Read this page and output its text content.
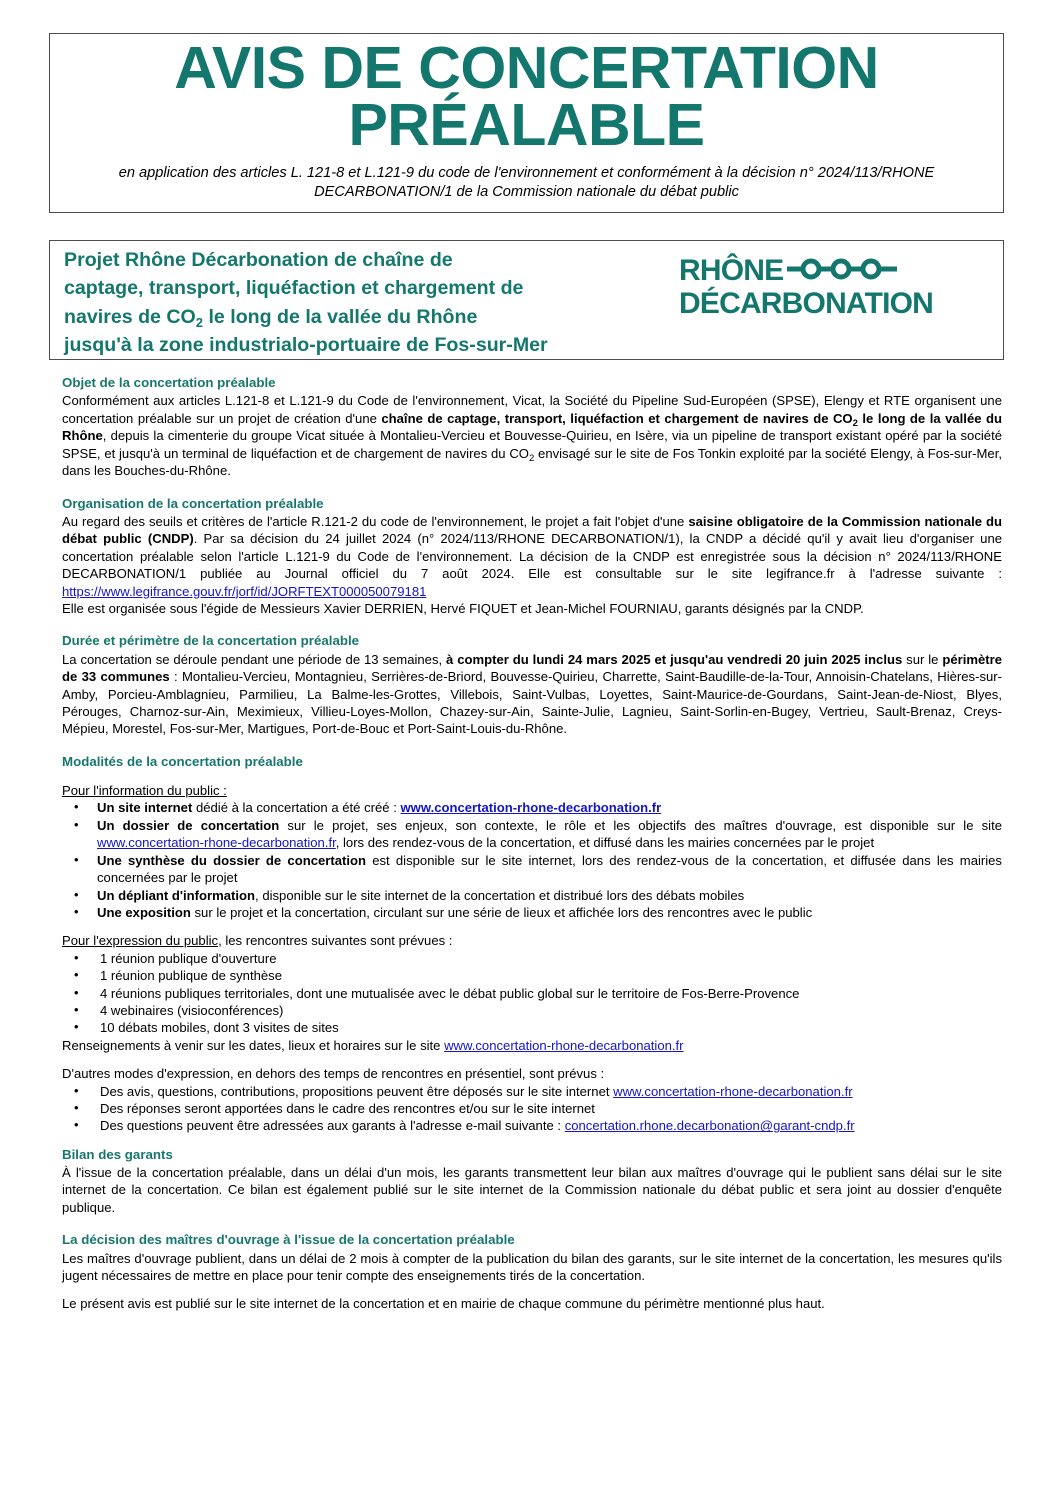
AVIS DE CONCERTATION PRÉALABLE
en application des articles L. 121-8 et L.121-9 du code de l'environnement et conformément à la décision n° 2024/113/RHONE DECARBONATION/1 de la Commission nationale du débat public
Projet Rhône Décarbonation de chaîne de
captage, transport, liquéfaction et chargement de
navires de $CO_2$ le long de la vallée du Rhône
jusqu'à la zone industrialo-portuaire de Fos-sur-Mer
RHÔNE
DÉCARBONATION
Objet de la concertation préalable

Conformément aux articles L.121-8 et L.121-9 du Code de l'environnement, Vicat, la Société du Pipeline Sud-Européen (SPSE), Elengy et RTE organisent une concertation préalable sur un projet de création d'une chaîne de captage, transport, liquéfaction et chargement de navires de $CO_2$ le long de la vallée du Rhône, depuis la cimenterie du groupe Vicat située à Montalieu-Vercieu et Bouvesse-Quirieu, en Isère, via un pipeline de transport existant opéré par la société SPSE, et jusqu'à un terminal de liquéfaction et de chargement de navires du $CO_2$ envisagé sur le site de Fos Tonkin exploité par la société Elengy, à Fos-sur-Mer, dans les Bouches-du-Rhône.

Organisation de la concertation préalable

Au regard des seuils et critères de l'article R.121-2 du code de l'environnement, le projet a fait l'objet d'une saisine obligatoire de la Commission nationale du débat public (CNDP). Par sa décision du 24 juillet 2024 (n° 2024/113/RHONE DECARBONATION/1), la CNDP a décidé qu'il y avait lieu d'organiser une concertation préalable selon l'article L.121-9 du Code de l'environnement. La décision de la CNDP est enregistrée sous la décision n° 2024/113/RHONE DECARBONATION/1 publiée au Journal officiel du 7 août 2024. Elle est consultable sur le site legifrance.fr à l'adresse suivante : https://www.legifrance.gouv.fr/jorf/id/JORFTEXT000050079181

Elle est organisée sous l'égide de Messieurs Xavier DERRIEN, Hervé FIQUET et Jean-Michel FOURNIAU, garants désignés par la CNDP.

Durée et périmètre de la concertation préalable

La concertation se déroule pendant une période de 13 semaines, à compter du lundi 24 mars 2025 et jusqu'au vendredi 20 juin 2025 inclus sur le périmètre de 33 communes : Montalieu-Vercieu, Montagnieu, Serrières-de-Briord, Bouvesse-Quirieu, Charrette, Saint-Baudille-de-la-Tour, Annoisin-Chatelans, Hières-sur-Amby, Porcieu-Amblagnieu, Parmilieu, La Balme-les-Grottes, Villebois, Saint-Vulbas, Loyettes, Saint-Maurice-de-Gourdans, Saint-Jean-de-Niost, Blyes, Pérouges, Charnoz-sur-Ain, Meximieux, Villieu-Loyes-Mollon, Chazey-sur-Ain, Sainte-Julie, Lagnieu, Saint-Sorlin-en-Bugey, Vertrieu, Sault-Brenaz, Creys-Mépieu, Morestel, Fos-sur-Mer, Martigues, Port-de-Bouc et Port-Saint-Louis-du-Rhône.

Modalités de la concertation préalable

Pour l'information du public :

• Un site internet dédié à la concertation a été créé : www.concertation-rhone-decarbonation.fr
• Un dossier de concertation sur le projet, ses enjeux, son contexte, le rôle et les objectifs des maîtres d'ouvrage, est disponible sur le site www.concertation-rhone-decarbonation.fr, lors des rendez-vous de la concertation, et diffusé dans les mairies concernées par le projet
• Une synthèse du dossier de concertation est disponible sur le site internet, lors des rendez-vous de la concertation, et diffusée dans les mairies concernées par le projet
• Un dépliant d'information, disponible sur le site internet de la concertation et distribué lors des débats mobiles
• Une exposition sur le projet et la concertation, circulant sur une série de lieux et affichée lors des rencontres avec le public

Pour l'expression du public, les rencontres suivantes sont prévues :

• 1 réunion publique d'ouverture
• 1 réunion publique de synthèse
• 4 réunions publiques territoriales, dont une mutualisée avec le débat public global sur le territoire de Fos-Berre-Provence
• 4 webinaires (visioconférences)
• 10 débats mobiles, dont 3 visites de sites

Renseignements à venir sur les dates, lieux et horaires sur le site www.concertation-rhone-decarbonation.fr

D'autres modes d'expression, en dehors des temps de rencontres en présentiel, sont prévus :

• Des avis, questions, contributions, propositions peuvent être déposés sur le site internet www.concertation-rhone-decarbonation.fr
• Des réponses seront apportées dans le cadre des rencontres et/ou sur le site internet
• Des questions peuvent être adressées aux garants à l'adresse e-mail suivante : concertation.rhone.decarbonation@garant-cndp.fr
Bilan des garants

À l'issue de la concertation préalable, dans un délai d'un mois, les garants transmettent leur bilan aux maîtres d'ouvrage qui le publient sans délai sur le site internet de la concertation. Ce bilan est également publié sur le site internet de la Commission nationale du débat public et sera joint au dossier d'enquête publique.

La décision des maîtres d'ouvrage à l'issue de la concertation préalable

Les maîtres d'ouvrage publient, dans un délai de 2 mois à compter de la publication du bilan des garants, sur le site internet de la concertation, les mesures qu'ils jugent nécessaires de mettre en place pour tenir compte des enseignements tirés de la concertation.

Le présent avis est publié sur le site internet de la concertation et en mairie de chaque commune du périmètre mentionné plus haut.
